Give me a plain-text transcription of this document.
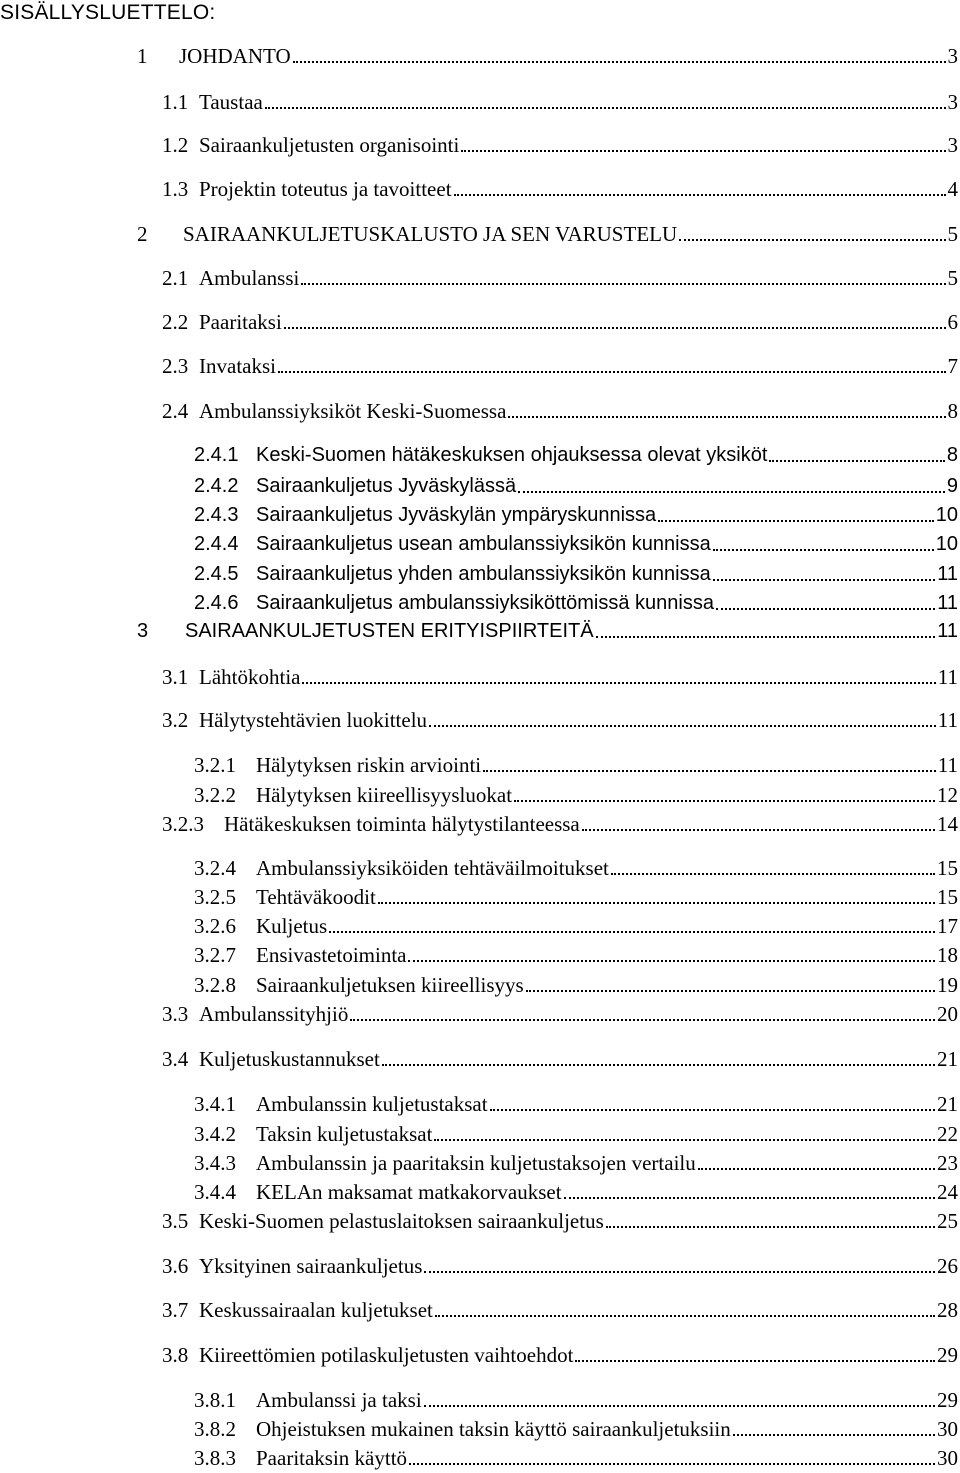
SISÄLLYSLUETTELO:
1	JOHDANTO	3
1.1 Taustaa	3
1.2 Sairaankuljetusten organisointi	3
1.3 Projektin toteutus ja tavoitteet	4
2	SAIRAANKULJETUSKALUSTO JA SEN VARUSTELU	5
2.1 Ambulanssi	5
2.2 Paaritaksi	6
2.3 Invataksi	7
2.4 Ambulanssiyksiköt Keski-Suomessa	8
2.4.1 Keski-Suomen hätäkeskuksen ohjauksessa olevat yksiköt	8
2.4.2 Sairaankuljetus Jyväskylässä	9
2.4.3 Sairaankuljetus Jyväskylän ympäryskunnissa	10
2.4.4 Sairaankuljetus usean ambulanssiyksikön kunnissa	10
2.4.5 Sairaankuljetus yhden ambulanssiyksikön kunnissa	11
2.4.6 Sairaankuljetus ambulanssiyksiköttömissä kunnissa	11
3	SAIRAANKULJETUSTEN ERITYISPIIRTEITÄ	11
3.1 Lähtökohtia	11
3.2 Hälytystehtävien luokittelu	11
3.2.1 Hälytyksen riskin arviointi	11
3.2.2 Hälytyksen kiireellisyysluokat	12
3.2.3 Hätäkeskuksen toiminta hälytystilanteessa	14
3.2.4 Ambulanssiyksiköiden tehtäväilmoitukset	15
3.2.5 Tehtäväkoodit	15
3.2.6 Kuljetus	17
3.2.7 Ensivastetoiminta	18
3.2.8 Sairaankuljetuksen kiireellisyys	19
3.3 Ambulanssityhjiö	20
3.4 Kuljetuskustannukset	21
3.4.1 Ambulanssin kuljetustaksat	21
3.4.2 Taksin kuljetustaksat	22
3.4.3 Ambulanssin ja paaritaksin kuljetustaksojen vertailu	23
3.4.4 KELAn maksamat matkakorvaukset	24
3.5 Keski-Suomen pelastuslaitoksen sairaankuljetus	25
3.6 Yksityinen sairaankuljetus	26
3.7 Keskussairaalan kuljetukset	28
3.8 Kiireettömien potilaskuljetusten vaihtoehdot	29
3.8.1 Ambulanssi ja taksi	29
3.8.2 Ohjeistuksen mukainen taksin käyttö sairaankuljetuksiin	30
3.8.3 Paaritaksin käyttö	30
